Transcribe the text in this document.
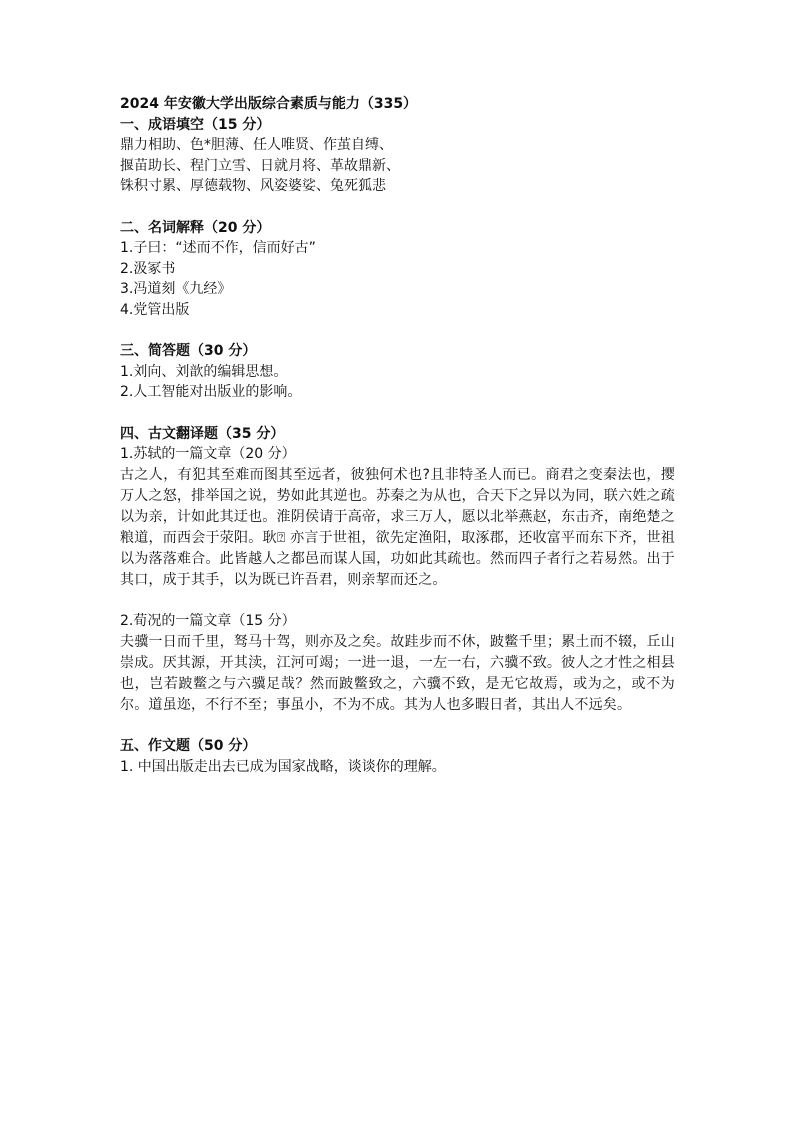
2024 年安徽大学出版综合素质与能力（335）

一、成语填空（15 分）

鼎力相助、色*胆薄、任人唯贤、作茧自缚、

揠苗助长、程门立雪、日就月将、革故鼎新、

铢积寸累、厚德载物、风姿婆娑、兔死狐悲

二、名词解释（20 分）

1.子曰：“述而不作，信而好古”

2.汲冢书

3.冯道刻《九经》

4.党管出版

三、简答题（30 分）

1.刘向、刘歆的编辑思想。

2.人工智能对出版业的影响。

四、古文翻译题（35 分）

1.苏轼的一篇文章（20 分）

古之人，有犯其至难而图其至远者，彼独何术也?且非特圣人而已。商君之变秦法也，撄万人之怒，排举国之说，势如此其逆也。苏秦之为从也，合天下之异以为同，联六姓之疏以为亲，计如此其迂也。淮阴侯请于高帝，求三万人，愿以北举燕赵，东击齐，南绝楚之粮道，而西会于荥阳。耿⍰ 亦言于世祖，欲先定渔阳，取涿郡，还收富平而东下齐，世祖以为落落难合。此皆越人之都邑而谋人国，功如此其疏也。然而四子者行之若易然。出于其口，成于其手，以为既已许吾君，则亲挈而还之。

2.荀况的一篇文章（15 分）

夫骥一日而千里，驽马十驾，则亦及之矣。故跬步而不休，跛鳖千里；累土而不辍，丘山崇成。厌其源，开其渎，江河可竭；一进一退，一左一右，六骥不致。彼人之才性之相县也，岂若跛鳖之与六骥足哉？然而跛鳖致之，六骥不致，是无它故焉，或为之，或不为尔。道虽迩，不行不至；事虽小，不为不成。其为人也多暇日者，其出人不远矣。

五、作文题（50 分）

1. 中国出版走出去已成为国家战略，谈谈你的理解。
